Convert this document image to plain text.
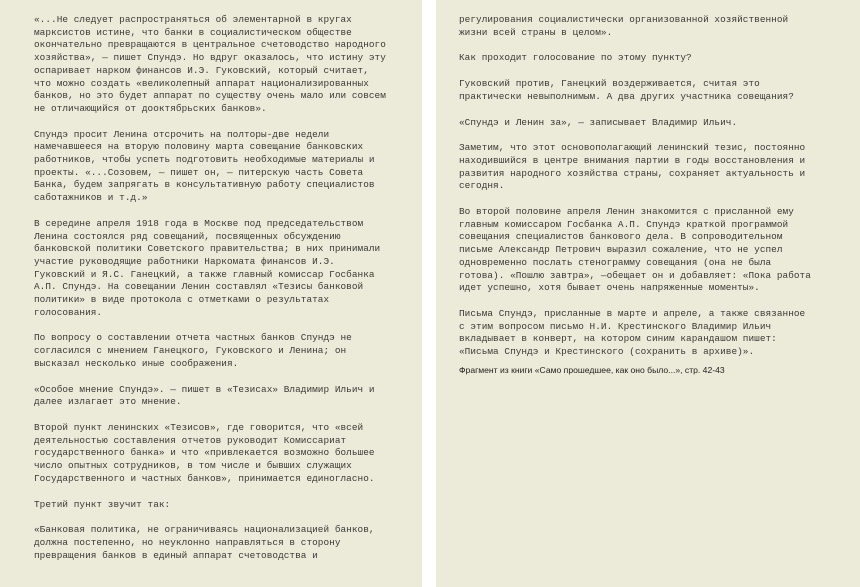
«...Не следует распространяться об элементарной в кругах
марксистов истине, что банки в социалистическом обществе
окончательно превращаются в центральное счетоводство народного
хозяйства», — пишет Спундэ. Но вдруг оказалось, что истину эту
оспаривает нарком финансов И.Э. Гуковский, который считает,
что можно создать «великолепный аппарат национализированных
банков, но это будет аппарат по существу очень мало или совсем
не отличающийся от дооктябрьских банков».

Спундэ просит Ленина отсрочить на полторы-две недели
намечавшееся на вторую половину марта совещание банковских
работников, чтобы успеть подготовить необходимые материалы и
проекты. «...Созовем, — пишет он, — питерскую часть Совета
Банка, будем запрягать в консультативную работу специалистов
саботажников и т.д.»

В середине апреля 1918 года в Москве под председательством
Ленина состоялся ряд совещаний, посвященных обсуждению
банковской политики Советского правительства; в них принимали
участие руководящие работники Наркомата финансов И.Э.
Гуковский и Я.С. Ганецкий, а также главный комиссар Госбанка
А.П. Спундэ. На совещании Ленин составлял «Тезисы банковой
политики» в виде протокола с отметками о результатах
голосования.

По вопросу о составлении отчета частных банков Спундэ не
согласился с мнением Ганецкого, Гуковского и Ленина; он
высказал несколько иные соображения.

«Особое мнение Спундэ». — пишет в «Тезисах» Владимир Ильич и
далее излагает это мнение.

Второй пункт ленинских «Тезисов», где говорится, что «всей
деятельностью составления отчетов руководит Комиссариат
государственного банка» и что «привлекается возможно большее
число опытных сотрудников, в том числе и бывших служащих
Государственного и частных банков», принимается единогласно.

Третий пункт звучит так:

«Банковая политика, не ограничиваясь национализацией банков,
должна постепенно, но неуклонно направляться в сторону
превращения банков в единый аппарат счетоводства и

регулирования социалистически организованной хозяйственной
жизни всей страны в целом».

Как проходит голосование по этому пункту?

Гуковский против, Ганецкий воздерживается, считая это
практически невыполнимым. А два других участника совещания?

«Спундэ и Ленин за», — записывает Владимир Ильич.

Заметим, что этот основополагающий ленинский тезис, постоянно
находившийся в центре внимания партии в годы восстановления и
развития народного хозяйства страны, сохраняет актуальность и
сегодня.

Во второй половине апреля Ленин знакомится с присланной ему
главным комиссаром Госбанка А.П. Спундэ краткой программой
совещания специалистов банкового дела. В сопроводительном
письме Александр Петрович выразил сожаление, что не успел
одновременно послать стенограмму совещания (она не была
готова). «Пошлю завтра», —обещает он и добавляет: «Пока работа
идет успешно, хотя бывает очень напряженные моменты».

Письма Спундэ, присланные в марте и апреле, а также связанное
с этим вопросом письмо Н.И. Крестинского Владимир Ильич
вкладывает в конверт, на котором синим карандашом пишет:
«Письма Спундэ и Крестинского (сохранить в архиве)».

Фрагмент из книги «Само прошедшее, как оно было...», стр. 42-43
